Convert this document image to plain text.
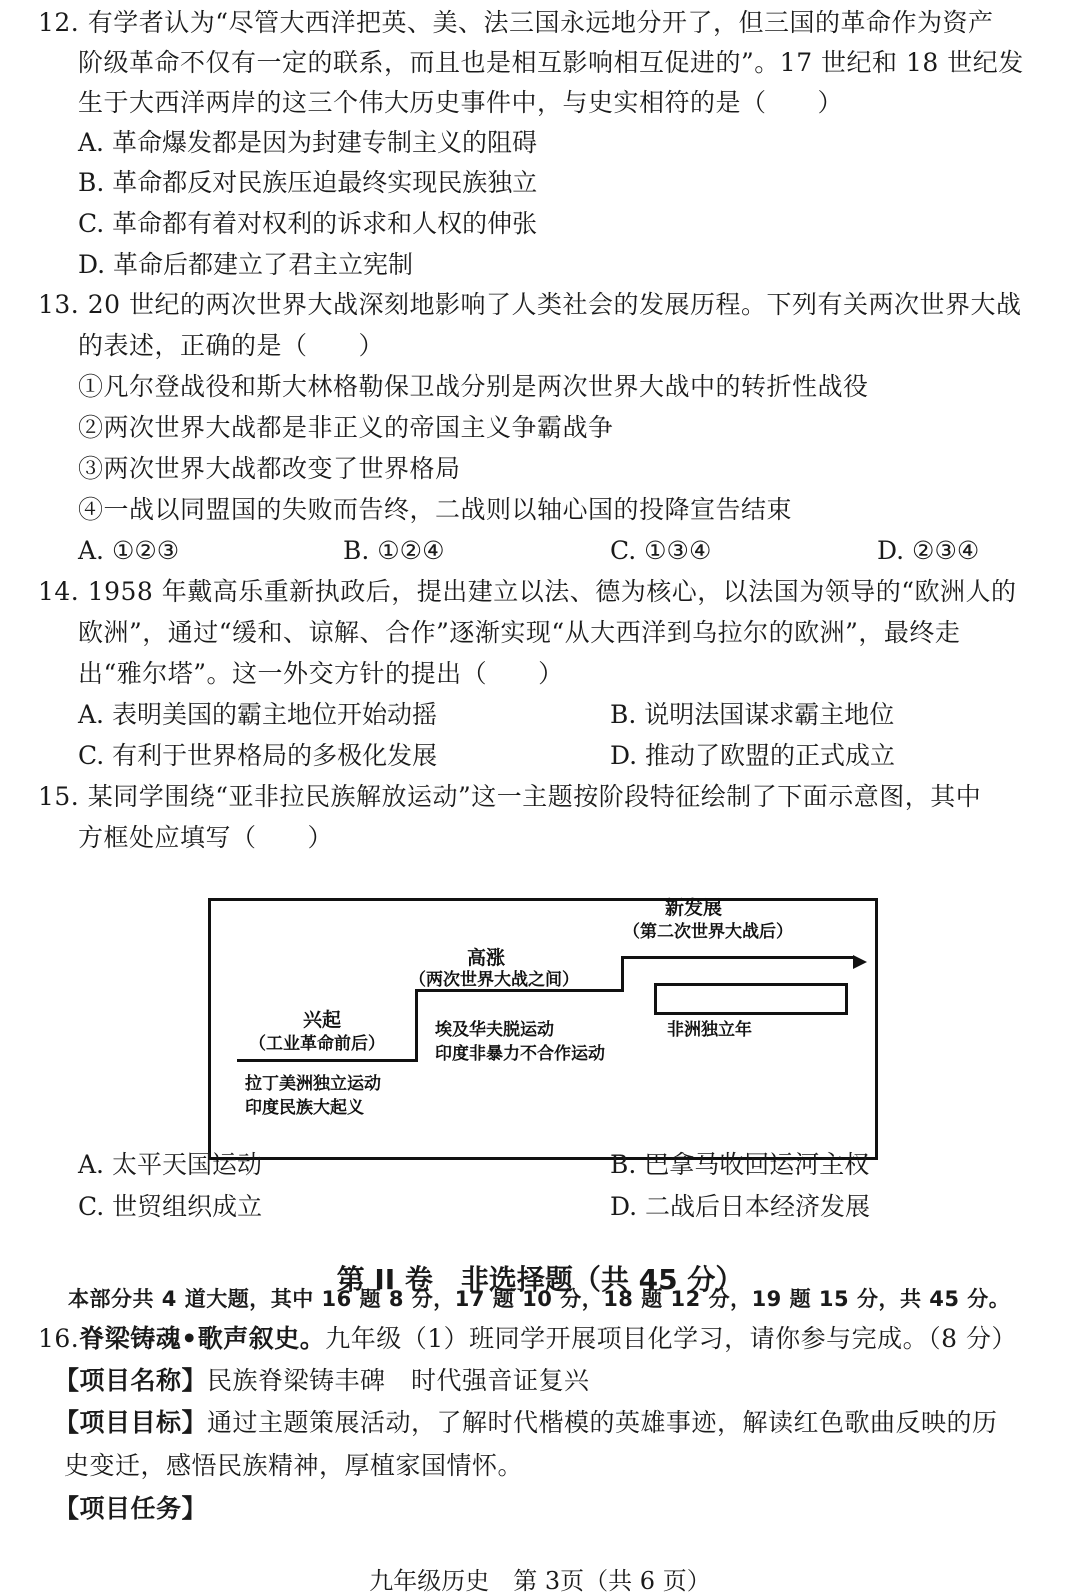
12. 有学者认为“尽管大西洋把英、美、法三国永远地分开了，但三国的革命作为资产
阶级革命不仅有一定的联系，而且也是相互影响相互促进的”。17 世纪和 18 世纪发
生于大西洋两岸的这三个伟大历史事件中，与史实相符的是（　　）
A. 革命爆发都是因为封建专制主义的阻碍
B. 革命都反对民族压迫最终实现民族独立
C. 革命都有着对权利的诉求和人权的伸张
D. 革命后都建立了君主立宪制
13. 20 世纪的两次世界大战深刻地影响了人类社会的发展历程。下列有关两次世界大战
的表述，正确的是（　　）
①凡尔登战役和斯大林格勒保卫战分别是两次世界大战中的转折性战役
②两次世界大战都是非正义的帝国主义争霸战争
③两次世界大战都改变了世界格局
④一战以同盟国的失败而告终，二战则以轴心国的投降宣告结束
A. ①②③	B. ①②④	C. ①③④	D. ②③④
14. 1958 年戴高乐重新执政后，提出建立以法、德为核心，以法国为领导的“欧洲人的
欧洲”，通过“缓和、谅解、合作”逐渐实现“从大西洋到乌拉尔的欧洲”，最终走
出“雅尔塔”。这一外交方针的提出（　　）
A. 表明美国的霸主地位开始动摇	B. 说明法国谋求霸主地位
C. 有利于世界格局的多极化发展	D. 推动了欧盟的正式成立
15. 某同学围绕“亚非拉民族解放运动”这一主题按阶段特征绘制了下面示意图，其中
方框处应填写（　　）
兴起
（工业革命前后）
拉丁美洲独立运动
印度民族大起义
高涨
（两次世界大战之间）
埃及华夫脱运动
印度非暴力不合作运动
新发展
（第二次世界大战后）
非洲独立年
A. 太平天国运动	B. 巴拿马收回运河主权
C. 世贸组织成立	D. 二战后日本经济发展
第 II 卷　非选择题（共 45 分）
本部分共 4 道大题，其中 16 题 8 分，17 题 10 分，18 题 12 分，19 题 15 分，共 45 分。
16.脊梁铸魂•歌声叙史。九年级（1）班同学开展项目化学习，请你参与完成。（8 分）
【项目名称】民族脊梁铸丰碑　时代强音证复兴
【项目目标】通过主题策展活动，了解时代楷模的英雄事迹，解读红色歌曲反映的历
史变迁，感悟民族精神，厚植家国情怀。
【项目任务】
九年级历史　第 3页（共 6 页）
